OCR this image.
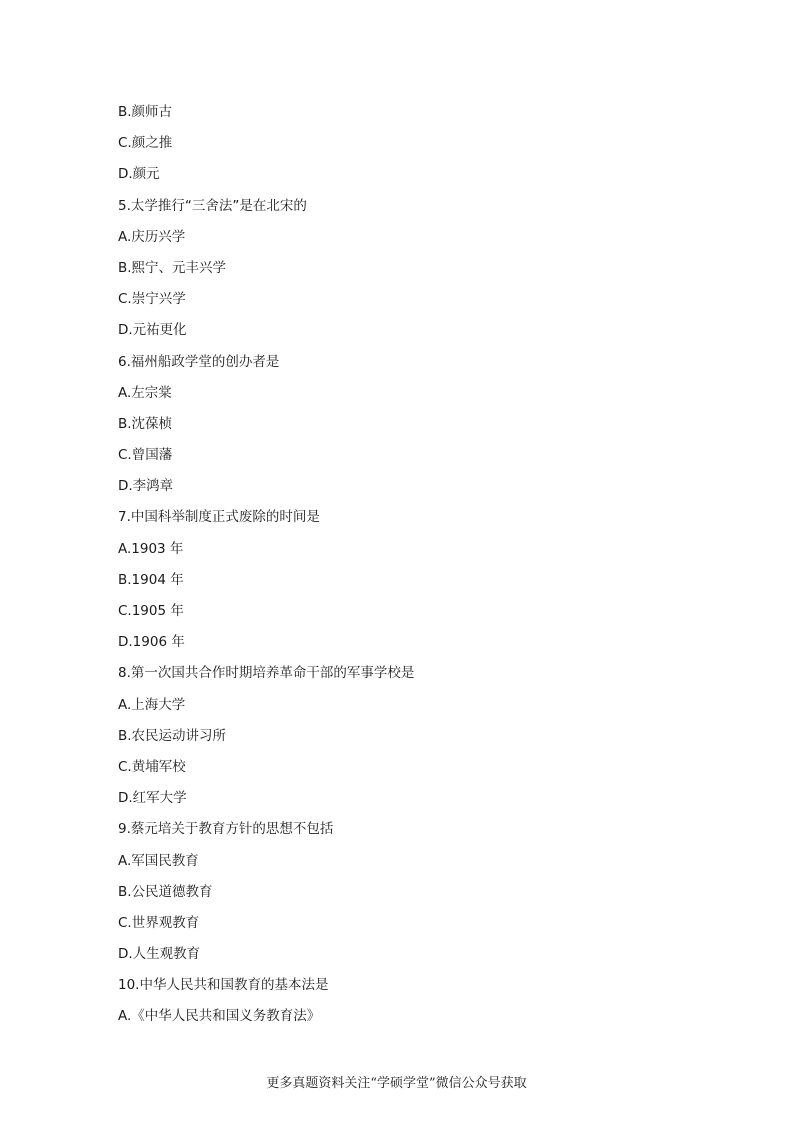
B.颜师古
C.颜之推
D.颜元
5.太学推行“三舍法”是在北宋的
A.庆历兴学
B.熙宁、元丰兴学
C.崇宁兴学
D.元祐更化
6.福州船政学堂的创办者是
A.左宗棠
B.沈葆桢
C.曾国藩
D.李鸿章
7.中国科举制度正式废除的时间是
A.1903 年
B.1904 年
C.1905 年
D.1906 年
8.第一次国共合作时期培养革命干部的军事学校是
A.上海大学
B.农民运动讲习所
C.黄埔军校
D.红军大学
9.蔡元培关于教育方针的思想不包括
A.军国民教育
B.公民道德教育
C.世界观教育
D.人生观教育
10.中华人民共和国教育的基本法是
A.《中华人民共和国义务教育法》
更多真题资料关注“学硕学堂”微信公众号获取
